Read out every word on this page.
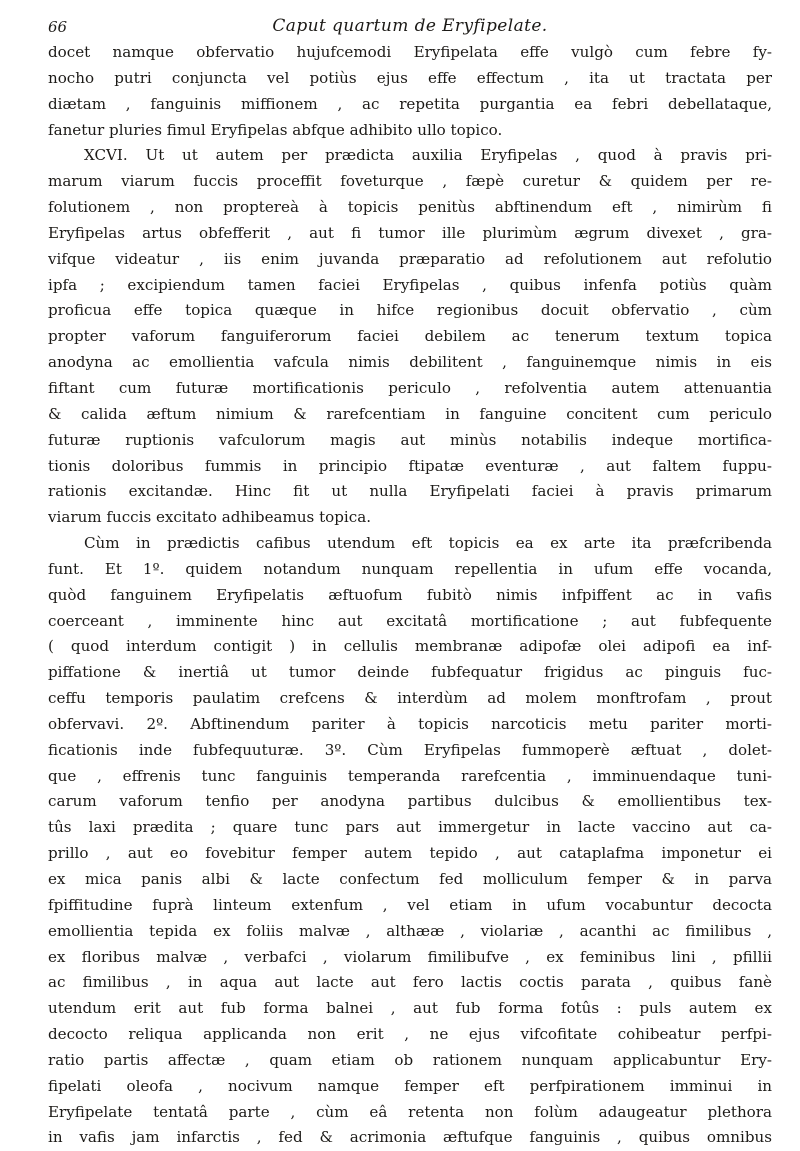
66	Caput quartum de Eryfipelate.
docet namque obfervatio hujufcemodi Eryfipelata effe vulgò cum febre fy-
nocho putri conjuncta vel potiùs ejus effe effectum , ita ut tractata per
diætam , fanguinis miffionem , ac repetita purgantia ea febri debellataque,
fanetur pluries fimul Eryfipelas abfque adhibito ullo topico.
XCVI. Ut ut autem per prædicta auxilia Eryfipelas , quod à pravis pri-
marum viarum fuccis proceffit foveturque , fæpè curetur & quidem per re-
folutionem , non proptereà à topicis penitùs abftinendum eft , nimirùm fi
Eryfipelas artus obfefferit , aut fi tumor ille plurimùm ægrum divexet , gra-
vifque videatur , iis enim juvanda præparatio ad refolutionem aut refolutio
ipfa ; excipiendum tamen faciei Eryfipelas , quibus infenfa potiùs quàm
proficua effe topica quæque in hifce regionibus docuit obfervatio , cùm
propter vaforum fanguiferorum faciei debilem ac tenerum textum topica
anodyna ac emollientia vafcula nimis debilitent , fanguinemque nimis in eis
fiftant cum futuræ mortificationis periculo , refolventia autem attenuantia
& calida æftum nimium & rarefcentiam in fanguine concitent cum periculo
futuræ ruptionis vafculorum magis aut minùs notabilis indeque mortifica-
tionis doloribus fummis in principio ftipatæ eventuræ , aut faltem fuppu-
rationis excitandæ. Hinc fit ut nulla Eryfipelati faciei à pravis primarum
viarum fuccis excitato adhibeamus topica.
Cùm in prædictis cafibus utendum eft topicis ea ex arte ita præfcribenda
funt. Et 1º. quidem notandum nunquam repellentia in ufum effe vocanda,
quòd fanguinem Eryfipelatis æftuofum fubitò nimis infpiffent ac in vafis
coerceant , imminente hinc aut excitatâ mortificatione ; aut fubfequente
( quod interdum contigit ) in cellulis membranæ adipofæ olei adipofi ea inf-
piffatione & inertiâ ut tumor deinde fubfequatur frigidus ac pinguis fuc-
ceffu temporis paulatim crefcens & interdùm ad molem monftrofam , prout
obfervavi. 2º. Abftinendum pariter à topicis narcoticis metu pariter morti-
ficationis inde fubfequuturæ. 3º. Cùm Eryfipelas fummoperè æftuat , dolet-
que , effrenis tunc fanguinis temperanda rarefcentia , imminuendaque tuni-
carum vaforum tenfio per anodyna partibus dulcibus & emollientibus tex-
tûs laxi prædita ; quare tunc pars aut immergetur in lacte vaccino aut ca-
prillo , aut eo fovebitur femper autem tepido , aut cataplafma imponetur ei
ex mica panis albi & lacte confectum fed molliculum femper & in parva
fpiffitudine fuprà linteum extenfum , vel etiam in ufum vocabuntur decocta
emollientia tepida ex foliis malvæ , althææ , violariæ , acanthi ac fimilibus ,
ex floribus malvæ , verbafci , violarum fimilibufve , ex feminibus lini , pfillii
ac fimilibus , in aqua aut lacte aut fero lactis coctis parata , quibus fanè
utendum erit aut fub forma balnei , aut fub forma fotûs : puls autem ex
decocto reliqua applicanda non erit , ne ejus vifcofitate cohibeatur perfpi-
ratio partis affectæ , quam etiam ob rationem nunquam applicabuntur Ery-
fipelati oleofa , nocivum namque femper eft perfpirationem imminui in
Eryfipelate tentatâ parte , cùm eâ retenta non folùm adaugeatur plethora
in vafis jam infarctis , fed & acrimonia æftufque fanguinis , quibus omnibus
